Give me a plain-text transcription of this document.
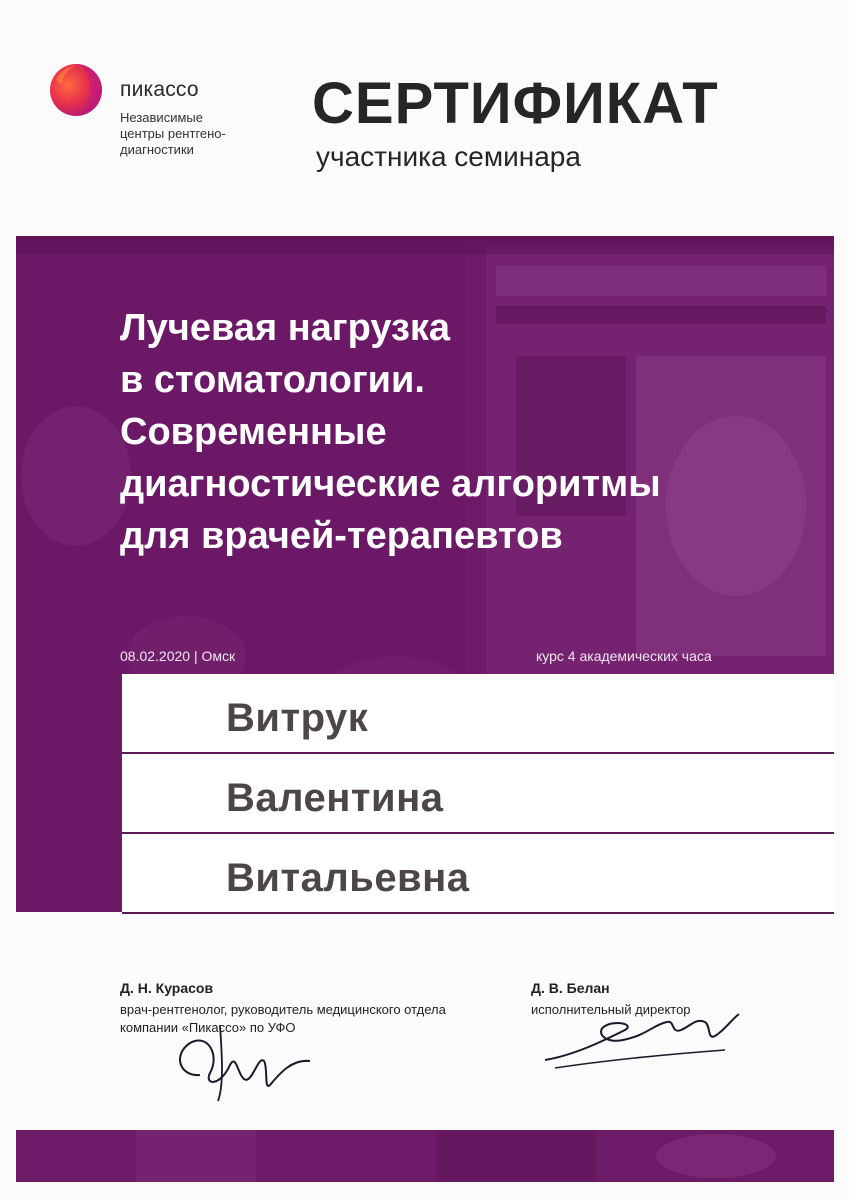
пикассо
Независимые
центры рентгено-
диагностики
СЕРТИФИКАТ
участника семинара
Лучевая нагрузка
в стоматологии.
Современные
диагностические алгоритмы
для врачей-терапевтов
08.02.2020 | Омск	курс 4 академических часа
Витрук
Валентина
Витальевна
Д. Н. Курасов
врач-рентгенолог, руководитель медицинского отдела
компании «Пикассо» по УФО
Д. В. Белан
исполнительный директор
